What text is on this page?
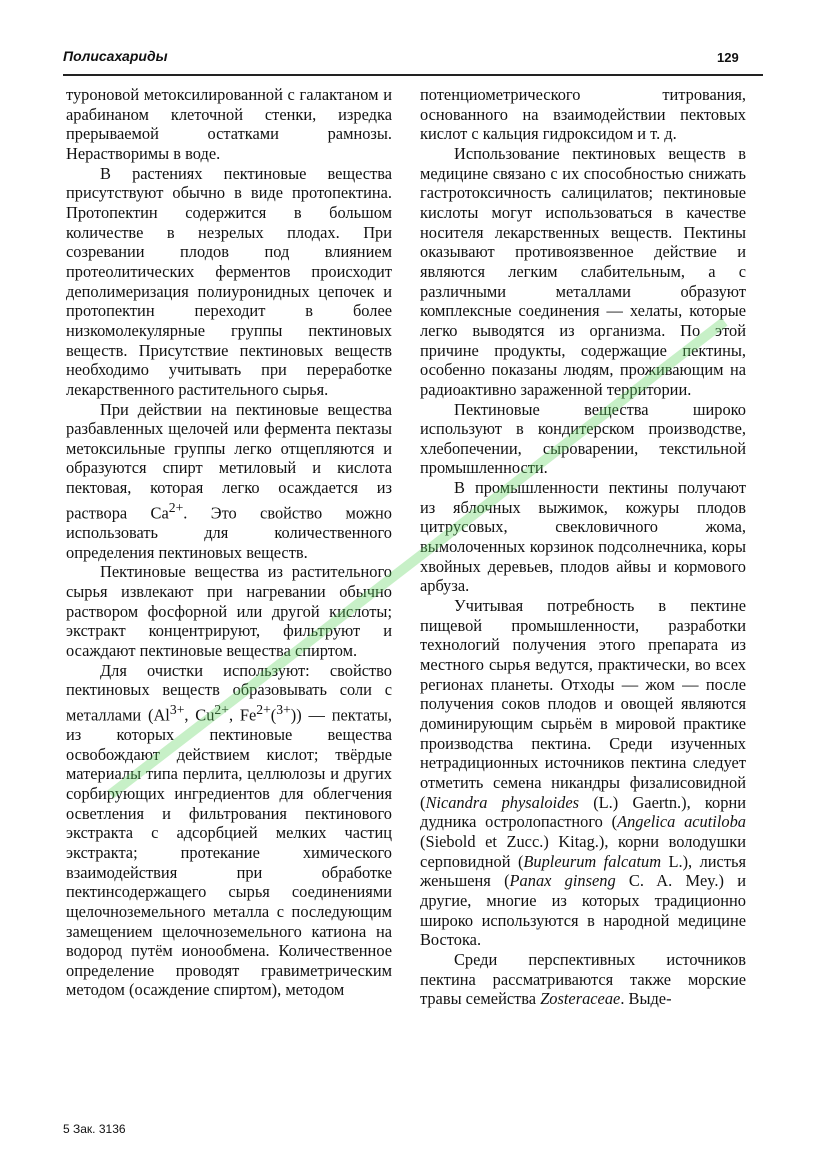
Полисахариды	129

туроновой метоксилированной с галактаном и арабинаном клеточной стенки, изредка прерываемой остатками рамнозы. Нерастворимы в воде.

В растениях пектиновые вещества присутствуют обычно в виде протопектина. Протопектин содержится в большом количестве в незрелых плодах. При созревании плодов под влиянием протеолитических ферментов происходит деполимеризация полиуронидных цепочек и протопектин переходит в более низкомолекулярные группы пектиновых веществ. Присутствие пектиновых веществ необходимо учитывать при переработке лекарственного растительного сырья.

При действии на пектиновые вещества разбавленных щелочей или фермента пектазы метоксильные группы легко отщепляются и образуются спирт метиловый и кислота пектовая, которая легко осаждается из раствора $Ca^{2+}$. Это свойство можно использовать для количественного определения пектиновых веществ.

Пектиновые вещества из растительного сырья извлекают при нагревании обычно раствором фосфорной или другой кислоты; экстракт концентрируют, фильтруют и осаждают пектиновые вещества спиртом.

Для очистки используют: свойство пектиновых веществ образовывать соли с металлами ($Al^{3+}$, $Cu^{2+}$, $Fe^{2+}(^{3+})$) — пектаты, из которых пектиновые вещества освобождают действием кислот; твёрдые материалы типа перлита, целлюлозы и других сорбирующих ингредиентов для облегчения осветления и фильтрования пектинового экстракта с адсорбцией мелких частиц экстракта; протекание химического взаимодействия при обработке пектинсодержащего сырья соединениями щелочноземельного металла с последующим замещением щелочноземельного катиона на водород путём ионообмена. Количественное определение проводят гравиметрическим методом (осаждение спиртом), методом

потенциометрического титрования, основанного на взаимодействии пектовых кислот с кальция гидроксидом и т. д.

Использование пектиновых веществ в медицине связано с их способностью снижать гастротоксичность салицилатов; пектиновые кислоты могут использоваться в качестве носителя лекарственных веществ. Пектины оказывают противоязвенное действие и являются легким слабительным, а с различными металлами образуют комплексные соединения — хелаты, которые легко выводятся из организма. По этой причине продукты, содержащие пектины, особенно показаны людям, проживающим на радиоактивно зараженной территории.

Пектиновые вещества широко используют в кондитерском производстве, хлебопечении, сыроварении, текстильной промышленности.

В промышленности пектины получают из яблочных выжимок, кожуры плодов цитрусовых, свекловичного жома, вымолоченных корзинок подсолнечника, коры хвойных деревьев, плодов айвы и кормового арбуза.

Учитывая потребность в пектине пищевой промышленности, разработки технологий получения этого препарата из местного сырья ведутся, практически, во всех регионах планеты. Отходы — жом — после получения соков плодов и овощей являются доминирующим сырьём в мировой практике производства пектина. Среди изученных нетрадиционных источников пектина следует отметить семена никандры физалисовидной (Nicandra physaloides (L.) Gaertn.), корни дудника остролопастного (Angelica acutiloba (Siebold et Zucc.) Kitag.), корни володушки серповидной (Bupleurum falcatum L.), листья женьшеня (Panax ginseng C. A. Mey.) и другие, многие из которых традиционно широко используются в народной медицине Востока.

Среди перспективных источников пектина рассматриваются также морские травы семейства Zosteraceae. Выде-

5 Зак. 3136
